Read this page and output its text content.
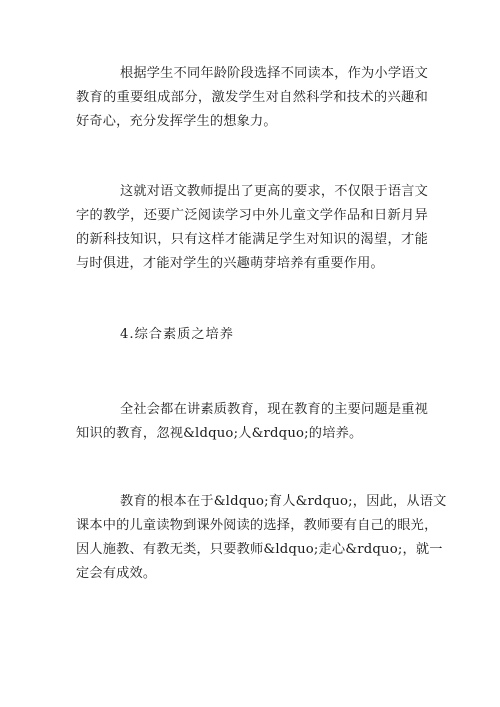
根据学生不同年龄阶段选择不同读本，作为小学语文
教育的重要组成部分，激发学生对自然科学和技术的兴趣和
好奇心，充分发挥学生的想象力。

这就对语文教师提出了更高的要求，不仅限于语言文
字的教学，还要广泛阅读学习中外儿童文学作品和日新月异
的新科技知识，只有这样才能满足学生对知识的渴望，才能
与时俱进，才能对学生的兴趣萌芽培养有重要作用。

4.综合素质之培养

全社会都在讲素质教育，现在教育的主要问题是重视
知识的教育，忽视&ldquo;人&rdquo;的培养。

教育的根本在于&ldquo;育人&rdquo;，因此，从语文
课本中的儿童读物到课外阅读的选择，教师要有自己的眼光，
因人施教、有教无类，只要教师&ldquo;走心&rdquo;，就一
定会有成效。
